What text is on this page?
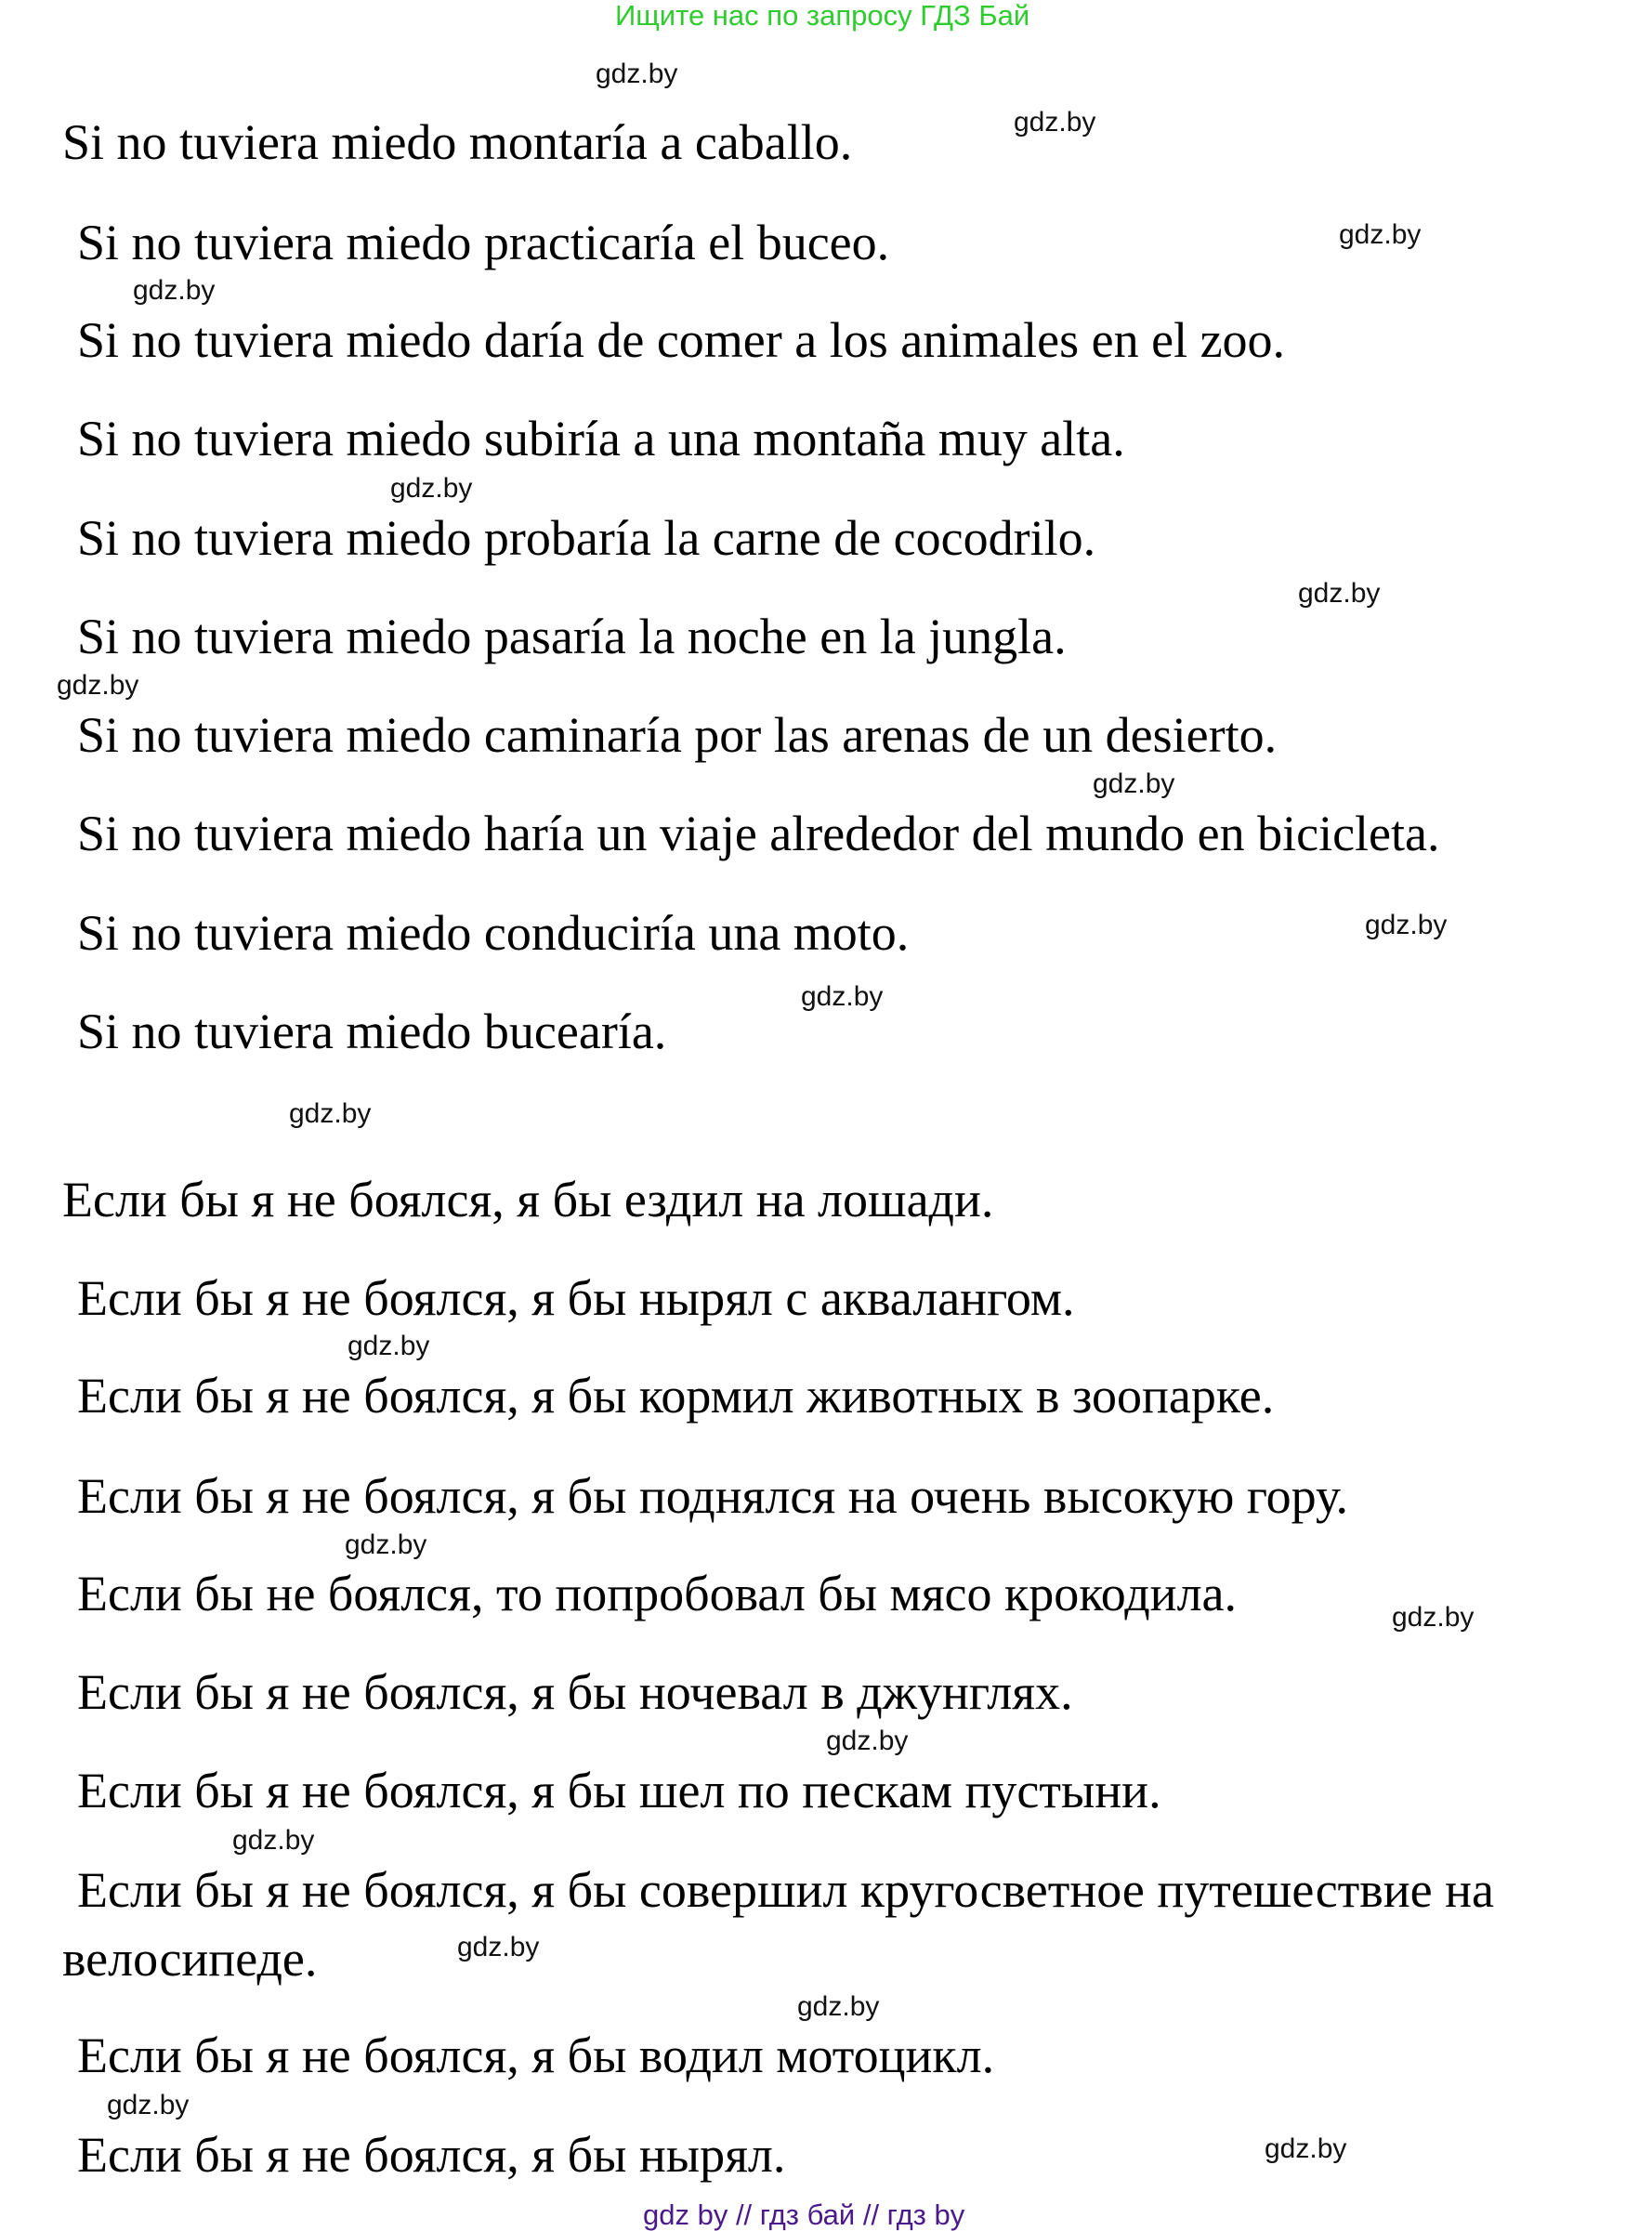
Ищите нас по запросу ГДЗ Бай
Si no tuviera miedo montaría a caballo.
Si no tuviera miedo practicaría el buceo.
Si no tuviera miedo daría de comer a los animales en el zoo.
Si no tuviera miedo subiría a una montaña muy alta.
Si no tuviera miedo probaría la carne de cocodrilo.
Si no tuviera miedo pasaría la noche en la jungla.
Si no tuviera miedo caminaría por las arenas de un desierto.
Si no tuviera miedo haría un viaje alrededor del mundo en bicicleta.
Si no tuviera miedo conduciría una moto.
Si no tuviera miedo bucearía.
Если бы я не боялся, я бы ездил на лошади.
Если бы я не боялся, я бы нырял с аквалангом.
Если бы я не боялся, я бы кормил животных в зоопарке.
Если бы я не боялся, я бы поднялся на очень высокую гору.
Если бы не боялся, то попробовал бы мясо крокодила.
Если бы я не боялся, я бы ночевал в джунглях.
Если бы я не боялся, я бы шел по пескам пустыни.
Если бы я не боялся, я бы совершил кругосветное путешествие на
велосипеде.
Если бы я не боялся, я бы водил мотоцикл.
Если бы я не боялся, я бы нырял.
gdz.by
gdz.by
gdz.by
gdz.by
gdz.by
gdz.by
gdz.by
gdz.by
gdz.by
gdz.by
gdz.by
gdz.by
gdz.by
gdz.by
gdz.by
gdz.by
gdz.by
gdz.by
gdz.by
gdz.by
gdz by // гдз бай // гдз by
